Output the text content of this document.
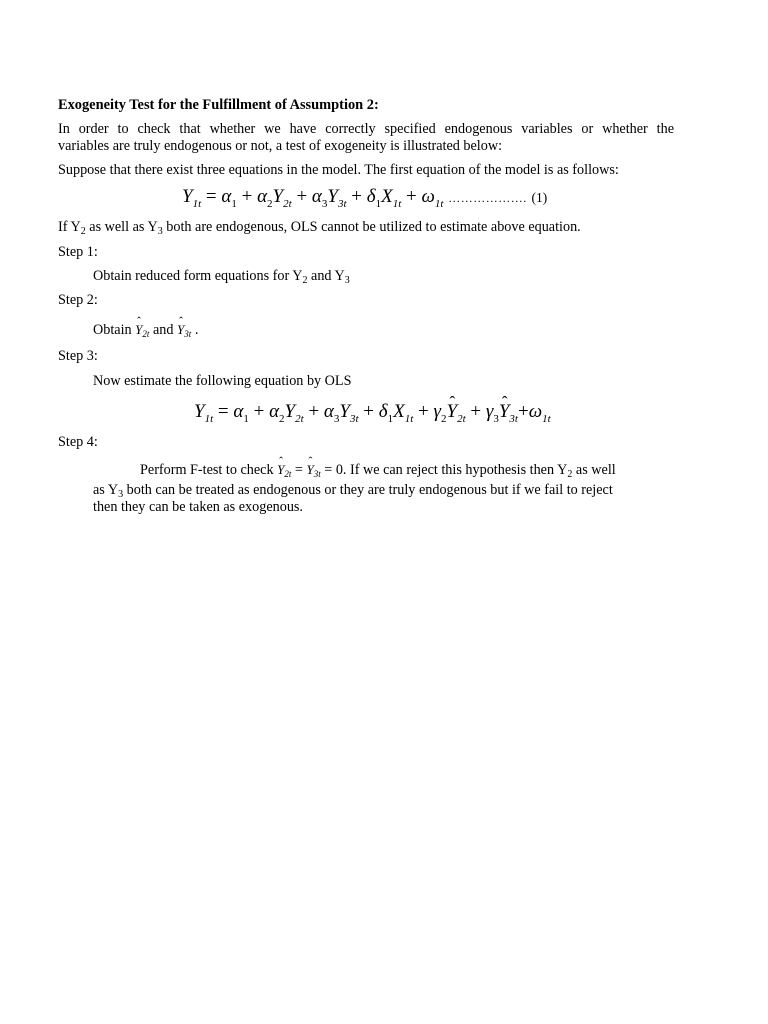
Exogeneity Test for the Fulfillment of Assumption 2:
In order to check that whether we have correctly specified endogenous variables or whether the
variables are truly endogenous or not, a test of exogeneity is illustrated below:
Suppose that there exist three equations in the model. The first equation of the model is as follows:
$Y_{1t} = \alpha_1 + \alpha_2Y_{2t} + \alpha_3Y_{3t} + \delta_1X_{1t} + \omega_{1t}$ ………………. (1)
If $Y_2$ as well as $Y_3$ both are endogenous, OLS cannot be utilized to estimate above equation.
Step 1:
Obtain reduced form equations for $Y_2$ and $Y_3$
Step 2:
Obtain ˆ $Y_{2t}$ and ˆ $Y_{3t}$ .
Step 3:
Now estimate the following equation by OLS
$Y_{1t} = \alpha_1 + \alpha_2Y_{2t} + \alpha_3Y_{3t} + \delta_1X_{1t}$ + $\gamma_2ˆ$ $Y_{2t}$ + $\gamma_3ˆ$ $Y_{3t}+\omega_{1t}$
Step 4:
Perform F-test to check ˆ $Y_{2t}$ = ˆ $Y_{3t} = 0$. If we can reject this hypothesis then $Y_2$ as well
as $Y_3$ both can be treated as endogenous or they are truly endogenous but if we fail to reject
then they can be taken as exogenous.
